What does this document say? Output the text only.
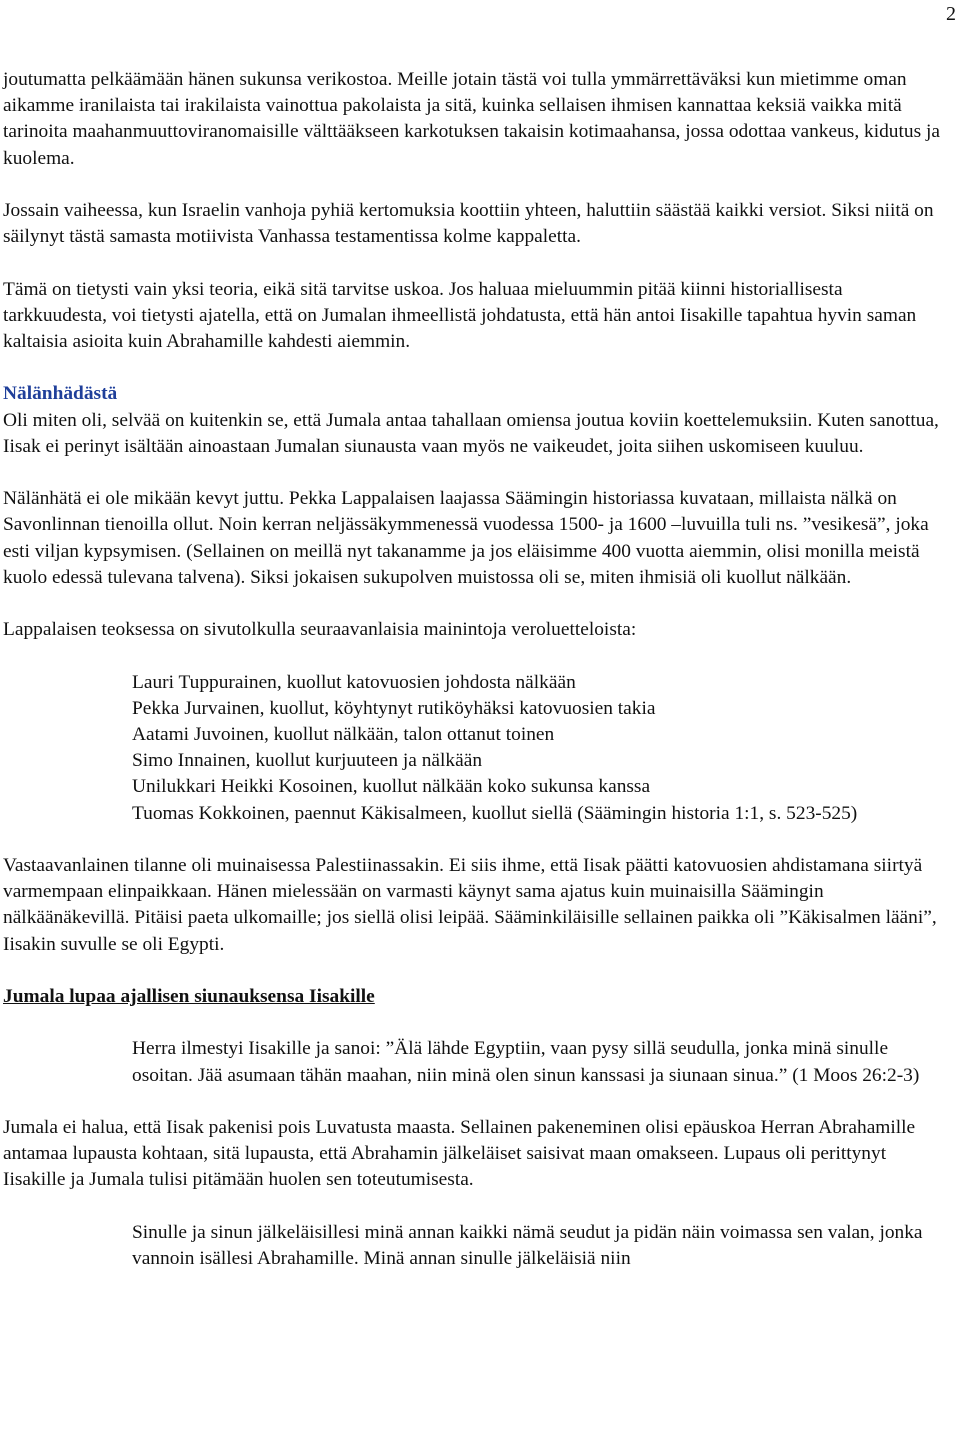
2

joutumatta pelkäämään hänen sukunsa verikostoa. Meille jotain tästä voi tulla ymmärrettäväksi kun mietimme oman aikamme iranilaista tai irakilaista vainottua pakolaista ja sitä, kuinka sellaisen ihmisen kannattaa keksiä vaikka mitä tarinoita maahanmuuttoviranomaisille välttääkseen karkotuksen takaisin kotimaahansa, jossa odottaa vankeus, kidutus ja kuolema.

Jossain vaiheessa, kun Israelin vanhoja pyhiä kertomuksia koottiin yhteen, haluttiin säästää kaikki versiot. Siksi niitä on säilynyt tästä samasta motiivista Vanhassa testamentissa kolme kappaletta.

Tämä on tietysti vain yksi teoria, eikä sitä tarvitse uskoa. Jos haluaa mieluummin pitää kiinni historiallisesta tarkkuudesta, voi tietysti ajatella, että on Jumalan ihmeellistä johdatusta, että hän antoi Iisakille tapahtua hyvin saman kaltaisia asioita kuin Abrahamille kahdesti aiemmin.

Nälänhädästä

Oli miten oli, selvää on kuitenkin se, että Jumala antaa tahallaan omiensa joutua koviin koettelemuksiin. Kuten sanottua, Iisak ei perinyt isältään ainoastaan Jumalan siunausta vaan myös ne vaikeudet, joita siihen uskomiseen kuuluu.

Nälänhätä ei ole mikään kevyt juttu. Pekka Lappalaisen laajassa Säämingin historiassa kuvataan, millaista nälkä on Savonlinnan tienoilla ollut. Noin kerran neljässäkymmenessä vuodessa 1500- ja 1600 –luvuilla tuli ns. ”vesikesä”, joka esti viljan kypsymisen. (Sellainen on meillä nyt takanamme ja jos eläisimme 400 vuotta aiemmin, olisi monilla meistä kuolo edessä tulevana talvena). Siksi jokaisen sukupolven muistossa oli se, miten ihmisiä oli kuollut nälkään.

Lappalaisen teoksessa on sivutolkulla seuraavanlaisia mainintoja veroluetteloista:

Lauri Tuppurainen, kuollut katovuosien johdosta nälkään
Pekka Jurvainen, kuollut, köyhtynyt rutiköyhäksi katovuosien takia
Aatami Juvoinen, kuollut nälkään, talon ottanut toinen
Simo Innainen, kuollut kurjuuteen ja nälkään
Unilukkari Heikki Kosoinen, kuollut nälkään koko sukunsa kanssa
Tuomas Kokkoinen, paennut Käkisalmeen, kuollut siellä (Säämingin historia 1:1, s. 523-525)

Vastaavanlainen tilanne oli muinaisessa Palestiinassakin. Ei siis ihme, että Iisak päätti katovuosien ahdistamana siirtyä varmempaan elinpaikkaan. Hänen mielessään on varmasti käynyt sama ajatus kuin muinaisilla Säämingin nälkäänäkevillä. Pitäisi paeta ulkomaille; jos siellä olisi leipää. Sääminkiläisille sellainen paikka oli ”Käkisalmen lääni”, Iisakin suvulle se oli Egypti.

Jumala lupaa ajallisen siunauksensa Iisakille

Herra ilmestyi Iisakille ja sanoi: ”Älä lähde Egyptiin, vaan pysy sillä seudulla, jonka minä sinulle osoitan. Jää asumaan tähän maahan, niin minä olen sinun kanssasi ja siunaan sinua.” (1 Moos 26:2-3)

Jumala ei halua, että Iisak pakenisi pois Luvatusta maasta. Sellainen pakeneminen olisi epäuskoa Herran Abrahamille antamaa lupausta kohtaan, sitä lupausta, että Abrahamin jälkeläiset saisivat maan omakseen. Lupaus oli perittynyt Iisakille ja Jumala tulisi pitämään huolen sen toteutumisesta.

Sinulle ja sinun jälkeläisillesi minä annan kaikki nämä seudut ja pidän näin voimassa sen valan, jonka vannoin isällesi Abrahamille. Minä annan sinulle jälkeläisiä niin
